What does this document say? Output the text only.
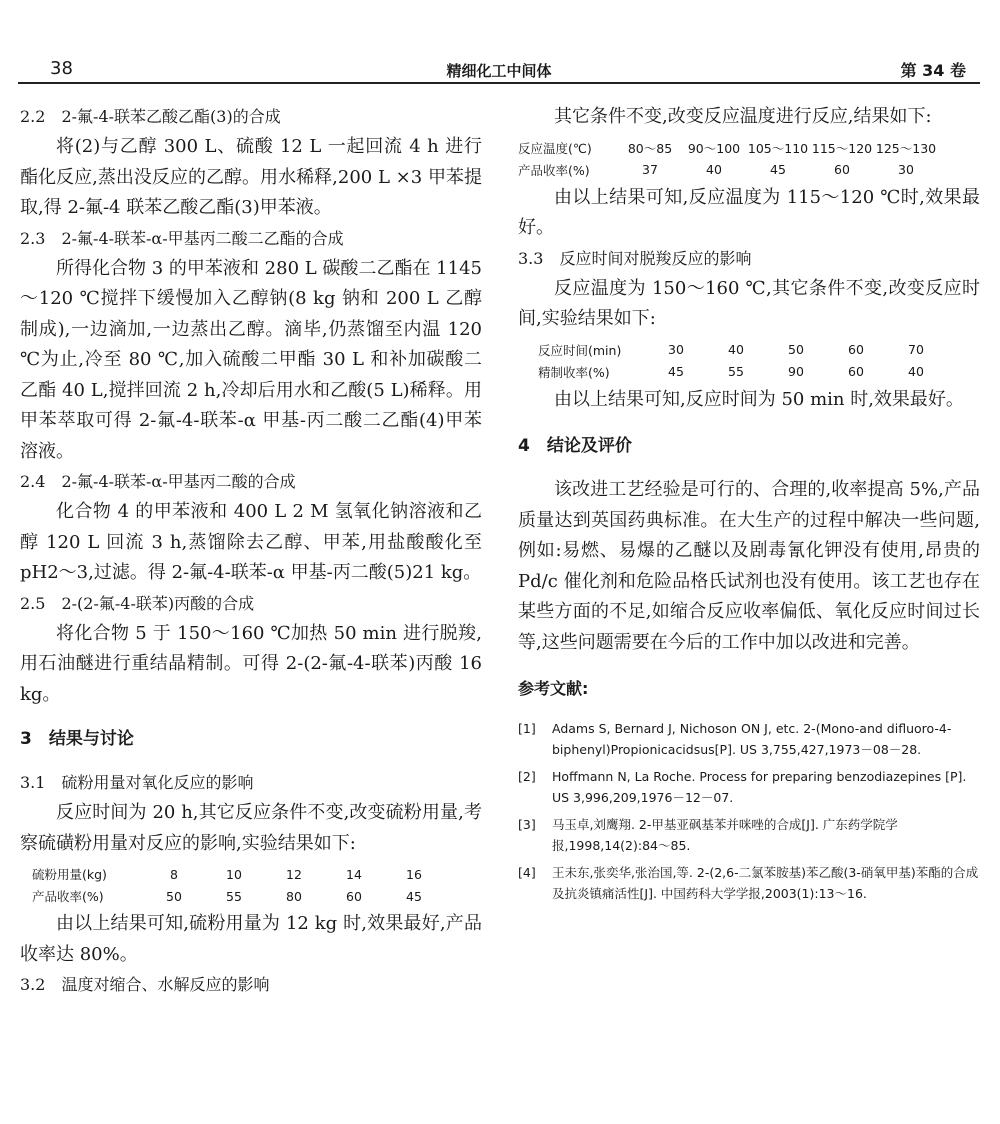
38	精细化工中间体	第 34 卷

2.2　2-氟-4-联苯乙酸乙酯(3)的合成

将(2)与乙醇 300 L、硫酸 12 L 一起回流 4 h 进行酯化反应,蒸出没反应的乙醇。用水稀释,200 L ×3 甲苯提取,得 2-氟-4 联苯乙酸乙酯(3)甲苯液。

2.3　2-氟-4-联苯-α-甲基丙二酸二乙酯的合成

所得化合物 3 的甲苯液和 280 L 碳酸二乙酯在 1145～120 ℃搅拌下缓慢加入乙醇钠(8 kg 钠和 200 L 乙醇制成),一边滴加,一边蒸出乙醇。滴毕,仍蒸馏至内温 120 ℃为止,冷至 80 ℃,加入硫酸二甲酯 30 L 和补加碳酸二乙酯 40 L,搅拌回流 2 h,冷却后用水和乙酸(5 L)稀释。用甲苯萃取可得 2-氟-4-联苯-α 甲基-丙二酸二乙酯(4)甲苯溶液。

2.4　2-氟-4-联苯-α-甲基丙二酸的合成

化合物 4 的甲苯液和 400 L 2 M 氢氧化钠溶液和乙醇 120 L 回流 3 h,蒸馏除去乙醇、甲苯,用盐酸酸化至 pH2～3,过滤。得 2-氟-4-联苯-α 甲基-丙二酸(5)21 kg。

2.5　2-(2-氟-4-联苯)丙酸的合成

将化合物 5 于 150～160 ℃加热 50 min 进行脱羧,用石油醚进行重结晶精制。可得 2-(2-氟-4-联苯)丙酸 16 kg。

3　结果与讨论

3.1　硫粉用量对氧化反应的影响

反应时间为 20 h,其它反应条件不变,改变硫粉用量,考察硫磺粉用量对反应的影响,实验结果如下:

硫粉用量(kg)	8	10	12	14	16
产品收率(%)	50	55	80	60	45

由以上结果可知,硫粉用量为 12 kg 时,效果最好,产品收率达 80%。

3.2　温度对缩合、水解反应的影响

其它条件不变,改变反应温度进行反应,结果如下:

反应温度(℃)	80～85	90～100	105～110	115～120	125～130
产品收率(%)	37	40	45	60	30

由以上结果可知,反应温度为 115～120 ℃时,效果最好。

3.3　反应时间对脱羧反应的影响

反应温度为 150～160 ℃,其它条件不变,改变反应时间,实验结果如下:

反应时间(min)	30	40	50	60	70
精制收率(%)	45	55	90	60	40

由以上结果可知,反应时间为 50 min 时,效果最好。

4　结论及评价

该改进工艺经验是可行的、合理的,收率提高 5%,产品质量达到英国药典标准。在大生产的过程中解决一些问题,例如:易燃、易爆的乙醚以及剧毒氰化钾没有使用,昂贵的 Pd/c 催化剂和危险品格氏试剂也没有使用。该工艺也存在某些方面的不足,如缩合反应收率偏低、氧化反应时间过长等,这些问题需要在今后的工作中加以改进和完善。

参考文献:

[1] Adams S, Bernard J, Nichoson ON J, etc. 2-(Mono-and difluoro-4-biphenyl)Propionicacidsus[P]. US 3,755,427,1973－08－28.
[2] Hoffmann N, La Roche. Process for preparing benzodiazepines [P]. US 3,996,209,1976－12－07.
[3] 马玉卓,刘鹰翔. 2-甲基亚砜基苯并咪唑的合成[J]. 广东药学院学报,1998,14(2):84～85.
[4] 王未东,张奕华,张治国,等. 2-(2,6-二氯苯胺基)苯乙酸(3-硝氧甲基)苯酯的合成及抗炎镇痛活性[J]. 中国药科大学学报,2003(1):13～16.
